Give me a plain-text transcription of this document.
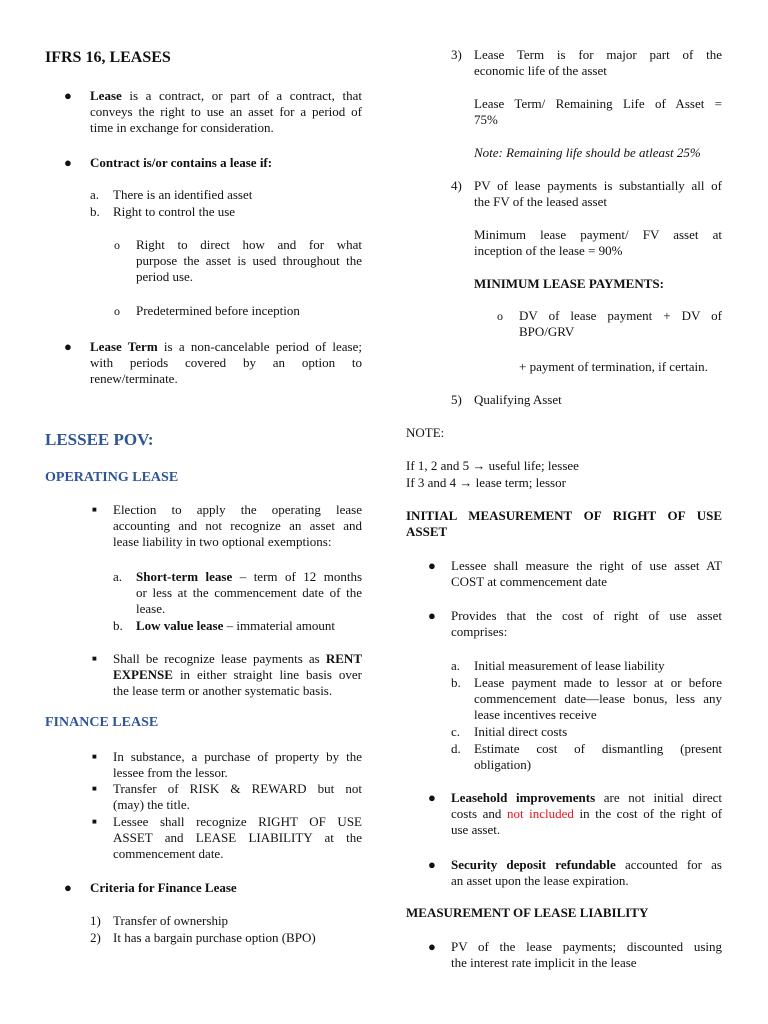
IFRS 16, LEASES
● Lease is a contract, or part of a contract, that
conveys the right to use an asset for a period of
time in exchange for consideration.
● Contract is/or contains a lease if:
a. There is an identified asset
b. Right to control the use
o Right to direct how and for what
purpose the asset is used throughout the
period use.
o Predetermined before inception
● Lease Term is a non-cancelable period of lease;
with periods covered by an option to
renew/terminate.
LESSEE POV:
OPERATING LEASE
■ Election to apply the operating lease
accounting and not recognize an asset and
lease liability in two optional exemptions:
a. Short-term lease – term of 12 months
or less at the commencement date of the
lease.
b. Low value lease – immaterial amount
■ Shall be recognize lease payments as RENT
EXPENSE in either straight line basis over
the lease term or another systematic basis.
FINANCE LEASE
■ In substance, a purchase of property by the
lessee from the lessor.
■ Transfer of RISK & REWARD but not
(may) the title.
■ Lessee shall recognize RIGHT OF USE
ASSET and LEASE LIABILITY at the
commencement date.
● Criteria for Finance Lease
1) Transfer of ownership
2) It has a bargain purchase option (BPO)
3) Lease Term is for major part of the
economic life of the asset
Lease Term/ Remaining Life of Asset =
75%
Note: Remaining life should be atleast 25%
4) PV of lease payments is substantially all of
the FV of the leased asset
Minimum lease payment/ FV asset at
inception of the lease = 90%
MINIMUM LEASE PAYMENTS:
o DV of lease payment + DV of
BPO/GRV
+ payment of termination, if certain.
5) Qualifying Asset
NOTE:
If 1, 2 and 5 → useful life; lessee
If 3 and 4 → lease term; lessor
INITIAL MEASUREMENT OF RIGHT OF USE
ASSET
● Lessee shall measure the right of use asset AT
COST at commencement date
● Provides that the cost of right of use asset
comprises:
a. Initial measurement of lease liability
b. Lease payment made to lessor at or before
commencement date—lease bonus, less any
lease incentives receive
c. Initial direct costs
d. Estimate cost of dismantling (present
obligation)
● Leasehold improvements are not initial direct
costs and not included in the cost of the right of
use asset.
● Security deposit refundable accounted for as
an asset upon the lease expiration.
MEASUREMENT OF LEASE LIABILITY
● PV of the lease payments; discounted using
the interest rate implicit in the lease
